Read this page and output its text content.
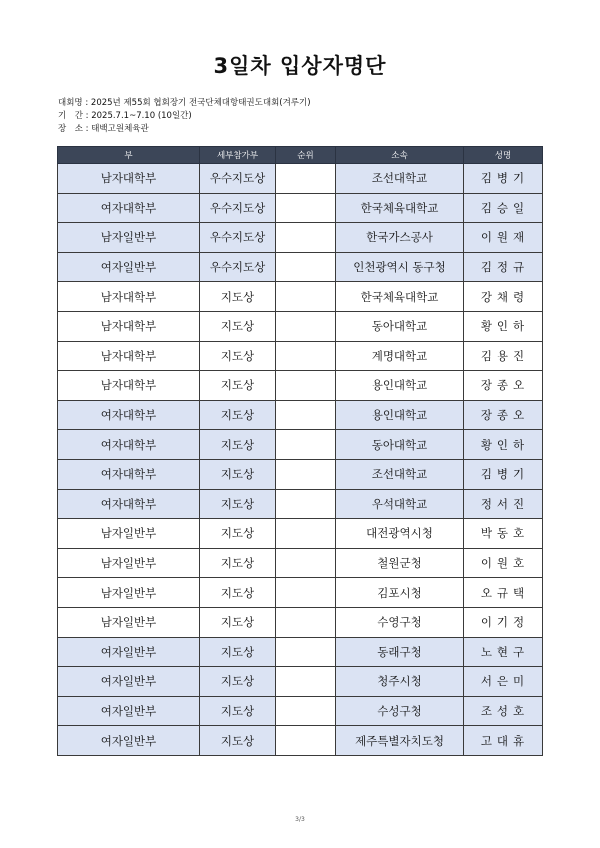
3일차 입상자명단
대회명 : 2025년 제55회 협회장기 전국단체대항태권도대회(겨루기)
기　간 : 2025.7.1~7.10 (10일간)
장　소 : 태백고원체육관
부	세부참가부	순위	소속	성명
남자대학부	우수지도상		조선대학교	김병기
여자대학부	우수지도상		한국체육대학교	김승일
남자일반부	우수지도상		한국가스공사	이원재
여자일반부	우수지도상		인천광역시 동구청	김정규
남자대학부	지도상		한국체육대학교	강채령
남자대학부	지도상		동아대학교	황인하
남자대학부	지도상		계명대학교	김용진
남자대학부	지도상		용인대학교	장종오
여자대학부	지도상		용인대학교	장종오
여자대학부	지도상		동아대학교	황인하
여자대학부	지도상		조선대학교	김병기
여자대학부	지도상		우석대학교	정서진
남자일반부	지도상		대전광역시청	박동호
남자일반부	지도상		철원군청	이원호
남자일반부	지도상		김포시청	오규택
남자일반부	지도상		수영구청	이기정
여자일반부	지도상		동래구청	노현구
여자일반부	지도상		청주시청	서은미
여자일반부	지도상		수성구청	조성호
여자일반부	지도상		제주특별자치도청	고대휴
3/3
